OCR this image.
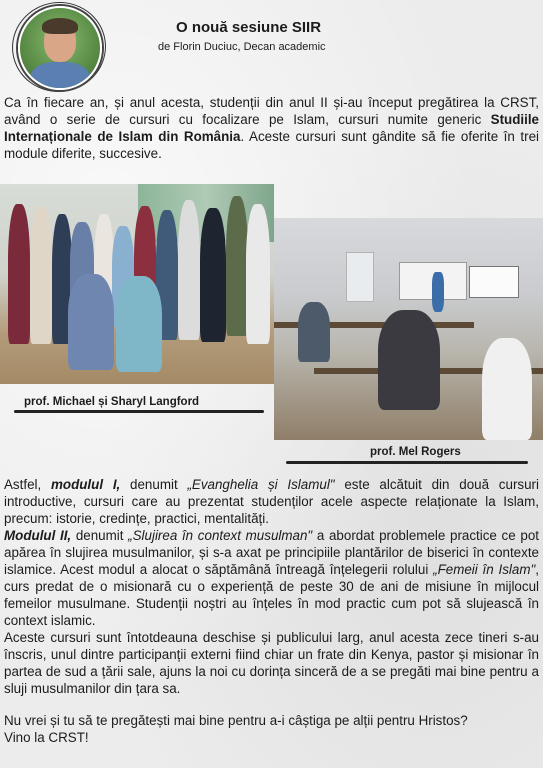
O nouă sesiune SIIR
de Florin Duciuc, Decan academic
Ca în fiecare an, și anul acesta, studenții din anul II și-au început pregătirea la CRST, având o serie de cursuri cu focalizare pe Islam, cursuri numite generic Studiile Internaționale de Islam din România. Aceste cursuri sunt gândite să fie oferite în trei module diferite, succesive.
prof. Michael și Sharyl Langford
prof. Mel Rogers

Astfel, modulul I, denumit „Evanghelia și Islamul" este alcătuit din două cursuri introductive, cursuri care au prezentat studenților acele aspecte relaționate la Islam, precum: istorie, credințe, practici, mentalități.

Modulul II, denumit „Slujirea în context musulman" a abordat problemele practice ce pot apărea în slujirea musulmanilor, și s-a axat pe principiile plantărilor de biserici în contexte islamice. Acest modul a alocat o săptămână întreagă înțelegerii rolului „Femeii în Islam", curs predat de o misionară cu o experiență de peste 30 de ani de misiune în mijlocul femeilor musulmane. Studenții noștri au înțeles în mod practic cum pot să slujească în context islamic.

Aceste cursuri sunt întotdeauna deschise și publicului larg, anul acesta zece tineri s-au înscris, unul dintre participanții externi fiind chiar un frate din Kenya, pastor și misionar în partea de sud a țării sale, ajuns la noi cu dorința sinceră de a se pregăti mai bine pentru a sluji musulmanilor din țara sa.

Nu vrei și tu să te pregătești mai bine pentru a-i câștiga pe alții pentru Hristos?
Vino la CRST!
